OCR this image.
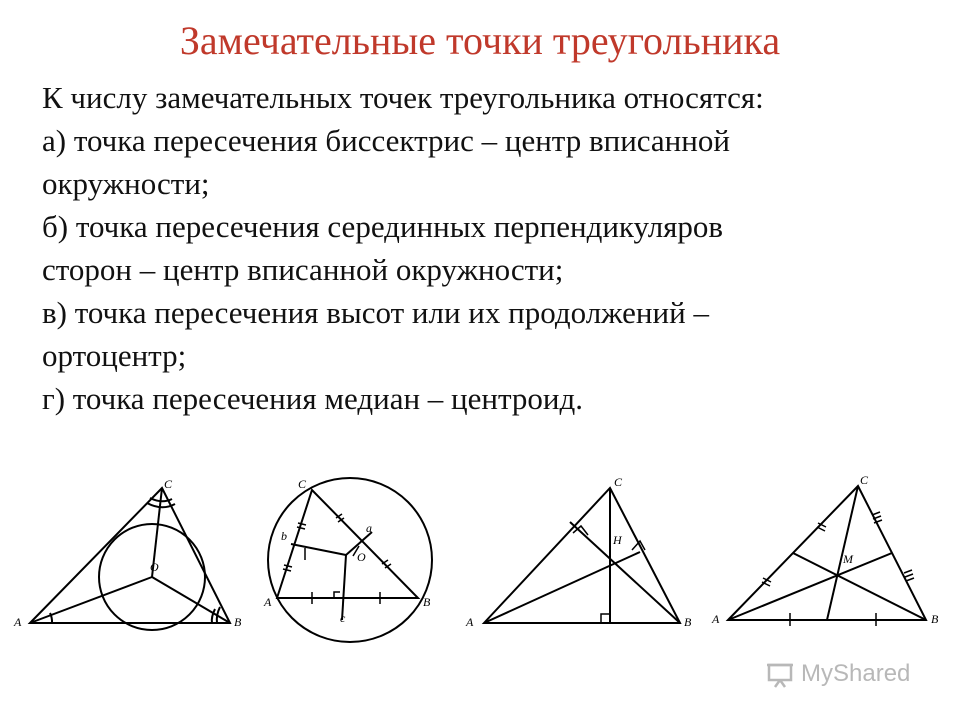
Замечательные точки треугольника
К числу замечательных точек треугольника относятся:
а) точка пересечения биссектрис – центр вписанной
окружности;
б) точка пересечения серединных перпендикуляров
сторон – центр вписанной окружности;
в) точка пересечения высот или их продолжений –
ортоцентр;
г) точка пересечения медиан – центроид.
A	B
C
O
A	B
C
O
a
b
c	A	B
C
H
A	B
C
M
MyShared
